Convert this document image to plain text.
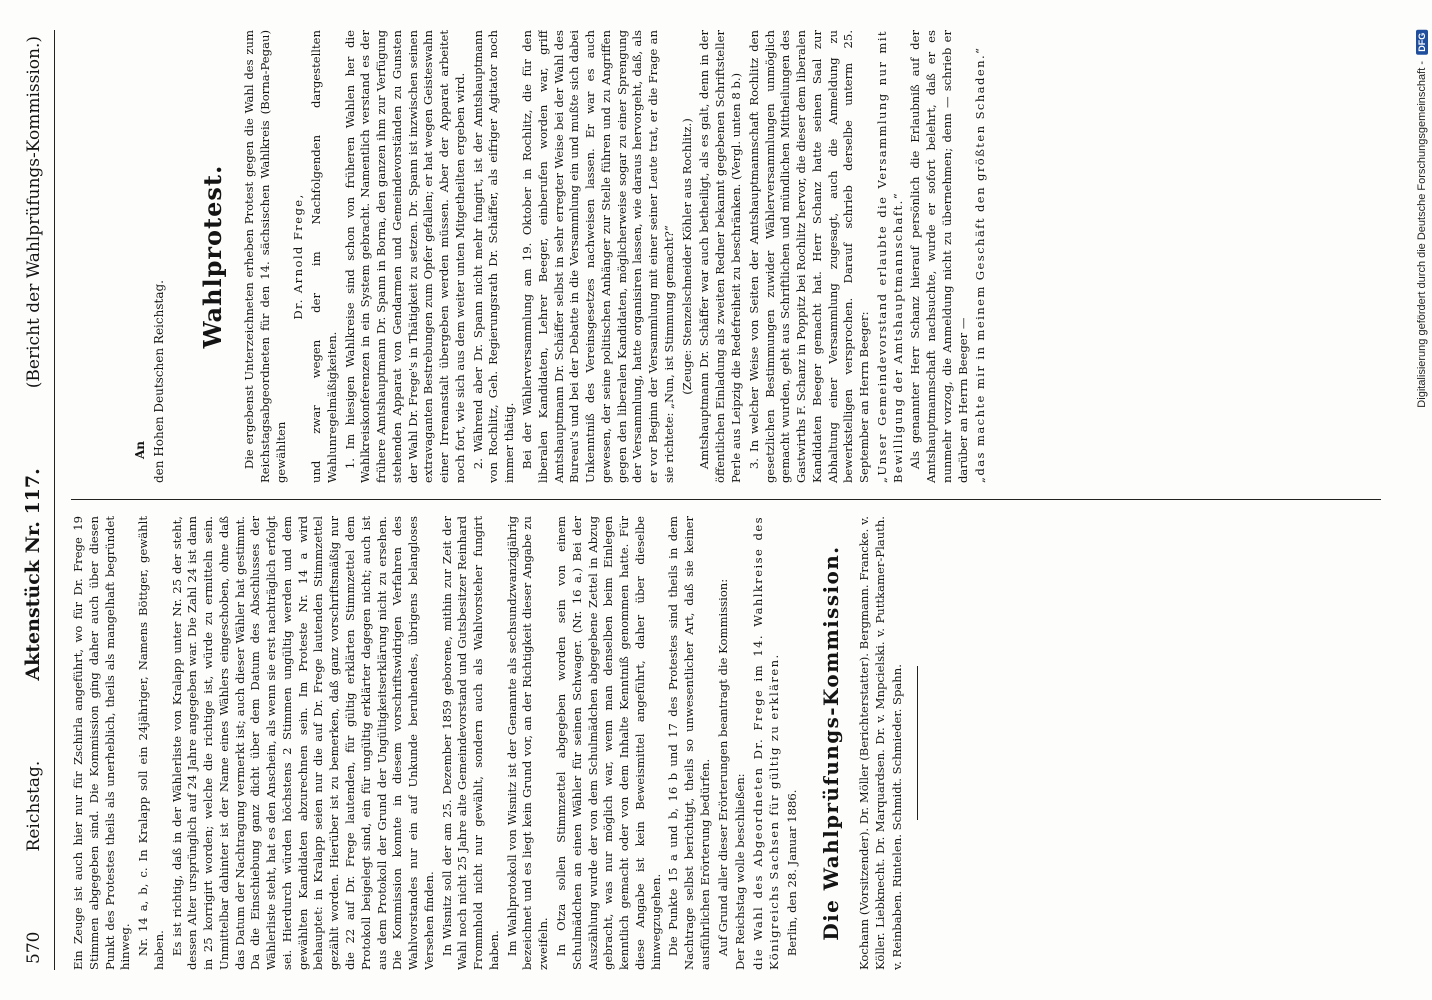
570
Reichstag.
Aktenstück Nr. 117.
(Bericht der Wahlprüfungs-Kommission.)

Ein Zeuge ist auch hier nur für Zschirla angeführt, wo für Dr. Frege 19 Stimmen abgegeben sind. Die Kommission ging daher auch über diesen Punkt des Protestes theils als unerheblich, theils als mangelhaft begründet hinweg. Nr. 14 a, b, c. In Kralapp soll ein 24jähriger, Namens Böttger, gewählt haben. Es ist richtig, daß in der Wählerliste von Kralapp unter Nr. 25 der steht, dessen Alter ursprünglich auf 24 Jahre angegeben war. Die Zahl 24 ist dann in 25 korrigirt worden; welche die richtige ist, würde zu ermitteln sein. Unmittelbar dahinter ist der Name eines Wählers eingeschoben, ohne daß das Datum der Nachtragung vermerkt ist; auch dieser Wähler hat gestimmt. Da die Einschiebung ganz dicht über dem Datum des Abschlusses der Wählerliste steht, hat es den Anschein, als wenn sie erst nachträglich erfolgt sei. Hierdurch würden höchstens 2 Stimmen ungültig werden und dem gewählten Kandidaten abzurechnen sein. Im Proteste Nr. 14 a wird behauptet: in Kralapp seien nur die auf Dr. Frege lautenden Stimmzettel gezählt worden. Hierüber ist zu bemerken, daß ganz vorschriftsmäßig nur die 22 auf Dr. Frege lautenden, für gültig erklärten Stimmzettel dem Protokoll beigelegt sind, ein für ungültig erklärter dagegen nicht; auch ist aus dem Protokoll der Grund der Ungültigkeitserklärung nicht zu ersehen. Die Kommission konnte in diesem vorschriftswidrigen Verfahren des Wahlvorstandes nur ein auf Unkunde beruhendes, übrigens belangloses Versehen finden. In Wisnitz soll der am 25. Dezember 1859 geborene, mithin zur Zeit der Wahl noch nicht 25 Jahre alte Gemeindevorstand und Gutsbesitzer Reinhard Frommhold nicht nur gewählt, sondern auch als Wahlvorsteher fungirt haben. Im Wahlprotokoll von Wisnitz ist der Genannte als sechsundzwanzigjährig bezeichnet und es liegt kein Grund vor, an der Richtigkeit dieser Angabe zu zweifeln. In Otza sollen Stimmzettel abgegeben worden sein von einem Schulmädchen an einen Wähler für seinen Schwager. (Nr. 16 a.) Bei der Auszählung wurde der von dem Schulmädchen abgegebene Zettel in Abzug gebracht, was nur möglich war, wenn man denselben beim Einlegen kenntlich gemacht oder von dem Inhalte Kenntniß genommen hatte. Für diese Angabe ist kein Beweismittel angeführt, daher über dieselbe hinwegzugehen. Die Punkte 15 a und b, 16 b und 17 des Protestes sind theils in dem Nachtrage selbst berichtigt, theils so unwesentlicher Art, daß sie keiner ausführlichen Erörterung bedürfen. Auf Grund aller dieser Erörterungen beantragt die Kommission: Der Reichstag wolle beschließen: die Wahl des Abgeordneten Dr. Frege im 14. Wahlkreise des Königreichs Sachsen für gültig zu erklären. Berlin, den 28. Januar 1886. Die Wahlprüfungs-Kommission. Kochann (Vorsitzender). Dr. Möller (Berichterstatter). Bergmann. Francke. v. Köller. Liebknecht. Dr. Marquardsen. Dr. v. Mnpcielski. v. Puttkamer-Plauth. v. Reinbaben. Rintelen. Schmidt. Schmieder. Spahn.

An den Hohen Deutschen Reichstag.
Wahlprotest. Die ergebenst Unterzeichneten erheben Protest gegen die Wahl des zum Reichstagsabgeordneten für den 14. sächsischen Wahlkreis (Borna-Pegau) gewählten

Dr. Arnold Frege, und zwar wegen der im Nachfolgenden dargestellten Wahlunregelmäßigkeiten. 1. Im hiesigen Wahlkreise sind schon von früheren Wahlen her die Wahlkreiskonferenzen in ein System gebracht. Namentlich verstand es der frühere Amtshauptmann Dr. Spann in Borna, den ganzen ihm zur Verfügung stehenden Apparat von Gendarmen und Gemeindevorständen zu Gunsten der Wahl Dr. Frege's in Thätigkeit zu setzen. Dr. Spann ist inzwischen seinen extravaganten Bestrebungen zum Opfer gefallen; er hat wegen Geisteswahn einer Irrenanstalt übergeben werden müssen. Aber der Apparat arbeitet noch fort, wie sich aus dem weiter unten Mitgetheilten ergeben wird. 2. Während aber Dr. Spann nicht mehr fungirt, ist der Amtshauptmann von Rochlitz, Geh. Regierungsrath Dr. Schäffer, als eifriger Agitator noch immer thätig. Bei der Wählerversammlung am 19. Oktober in Rochlitz, die für den liberalen Kandidaten, Lehrer Beeger, einberufen worden war, griff Amtshauptmann Dr. Schäffer selbst in sehr erregter Weise bei der Wahl des Bureau's und bei der Debatte in die Versammlung ein und mußte sich dabei Unkenntniß des Vereinsgesetzes nachweisen lassen. Er war es auch gewesen, der seine politischen Anhänger zur Stelle führen und zu Angriffen gegen den liberalen Kandidaten, möglicherweise sogar zu einer Sprengung der Versammlung, hatte organisiren lassen, wie daraus hervorgeht, daß, als er vor Beginn der Versammlung mit einer seiner Leute trat, er die Frage an sie richtete: „Nun, ist Stimmung gemacht?“ (Zeuge: Stenzelschneider Köhler aus Rochlitz.) Amtshauptmann Dr. Schäffer war auch betheiligt, als es galt, denn in der öffentlichen Einladung als zweiten Redner bekannt gegebenen Schriftsteller Perle aus Leipzig die Redefreiheit zu beschränken. (Vergl. unten 8 b.) 3. In welcher Weise von Seiten der Amtshauptmannschaft Rochlitz den gesetzlichen Bestimmungen zuwider Wählerversammlungen unmöglich gemacht wurden, geht aus Schriftlichen und mündlichen Mittheilungen des Gastwirths F. Schanz in Poppitz bei Rochlitz hervor, die dieser dem liberalen Kandidaten Beeger gemacht hat. Herr Schanz hatte seinen Saal zur Abhaltung einer Versammlung zugesagt, auch die Anmeldung zu bewerkstelligen versprochen. Darauf schrieb derselbe unterm 25. September an Herrn Beeger: „Unser Gemeindevorstand erlaubte die Versammlung nur mit Bewilligung der Amtshauptmannschaft.“ Als genannter Herr Schanz hierauf persönlich die Erlaubniß auf der Amtshauptmannschaft nachsuchte, wurde er sofort belehrt, daß er es nunmehr vorzog, die Anmeldung nicht zu übernehmen; denn — schrieb er darüber an Herrn Beeger — „das machte mir in meinem Geschäft den größten Schaden.“	Digitalisierung gefördert durch die Deutsche Forschungsgemeinschaft -
DFG
